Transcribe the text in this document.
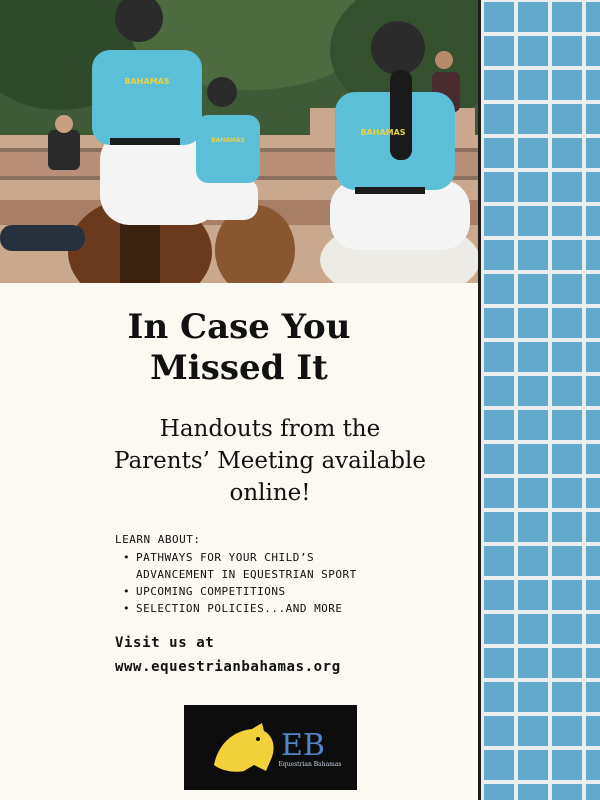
BAHAMAS
BAHAMAS
BAHAMAS
In Case You
Missed It

Handouts from the
Parents’ Meeting available
online!

LEARN ABOUT:
• PATHWAYS FOR YOUR CHILD’S
ADVANCEMENT IN EQUESTRIAN SPORT
• UPCOMING COMPETITIONS
• SELECTION POLICIES...AND MORE
Visit us at
www.equestrianbahamas.org
EB
Equestrian Bahamas
